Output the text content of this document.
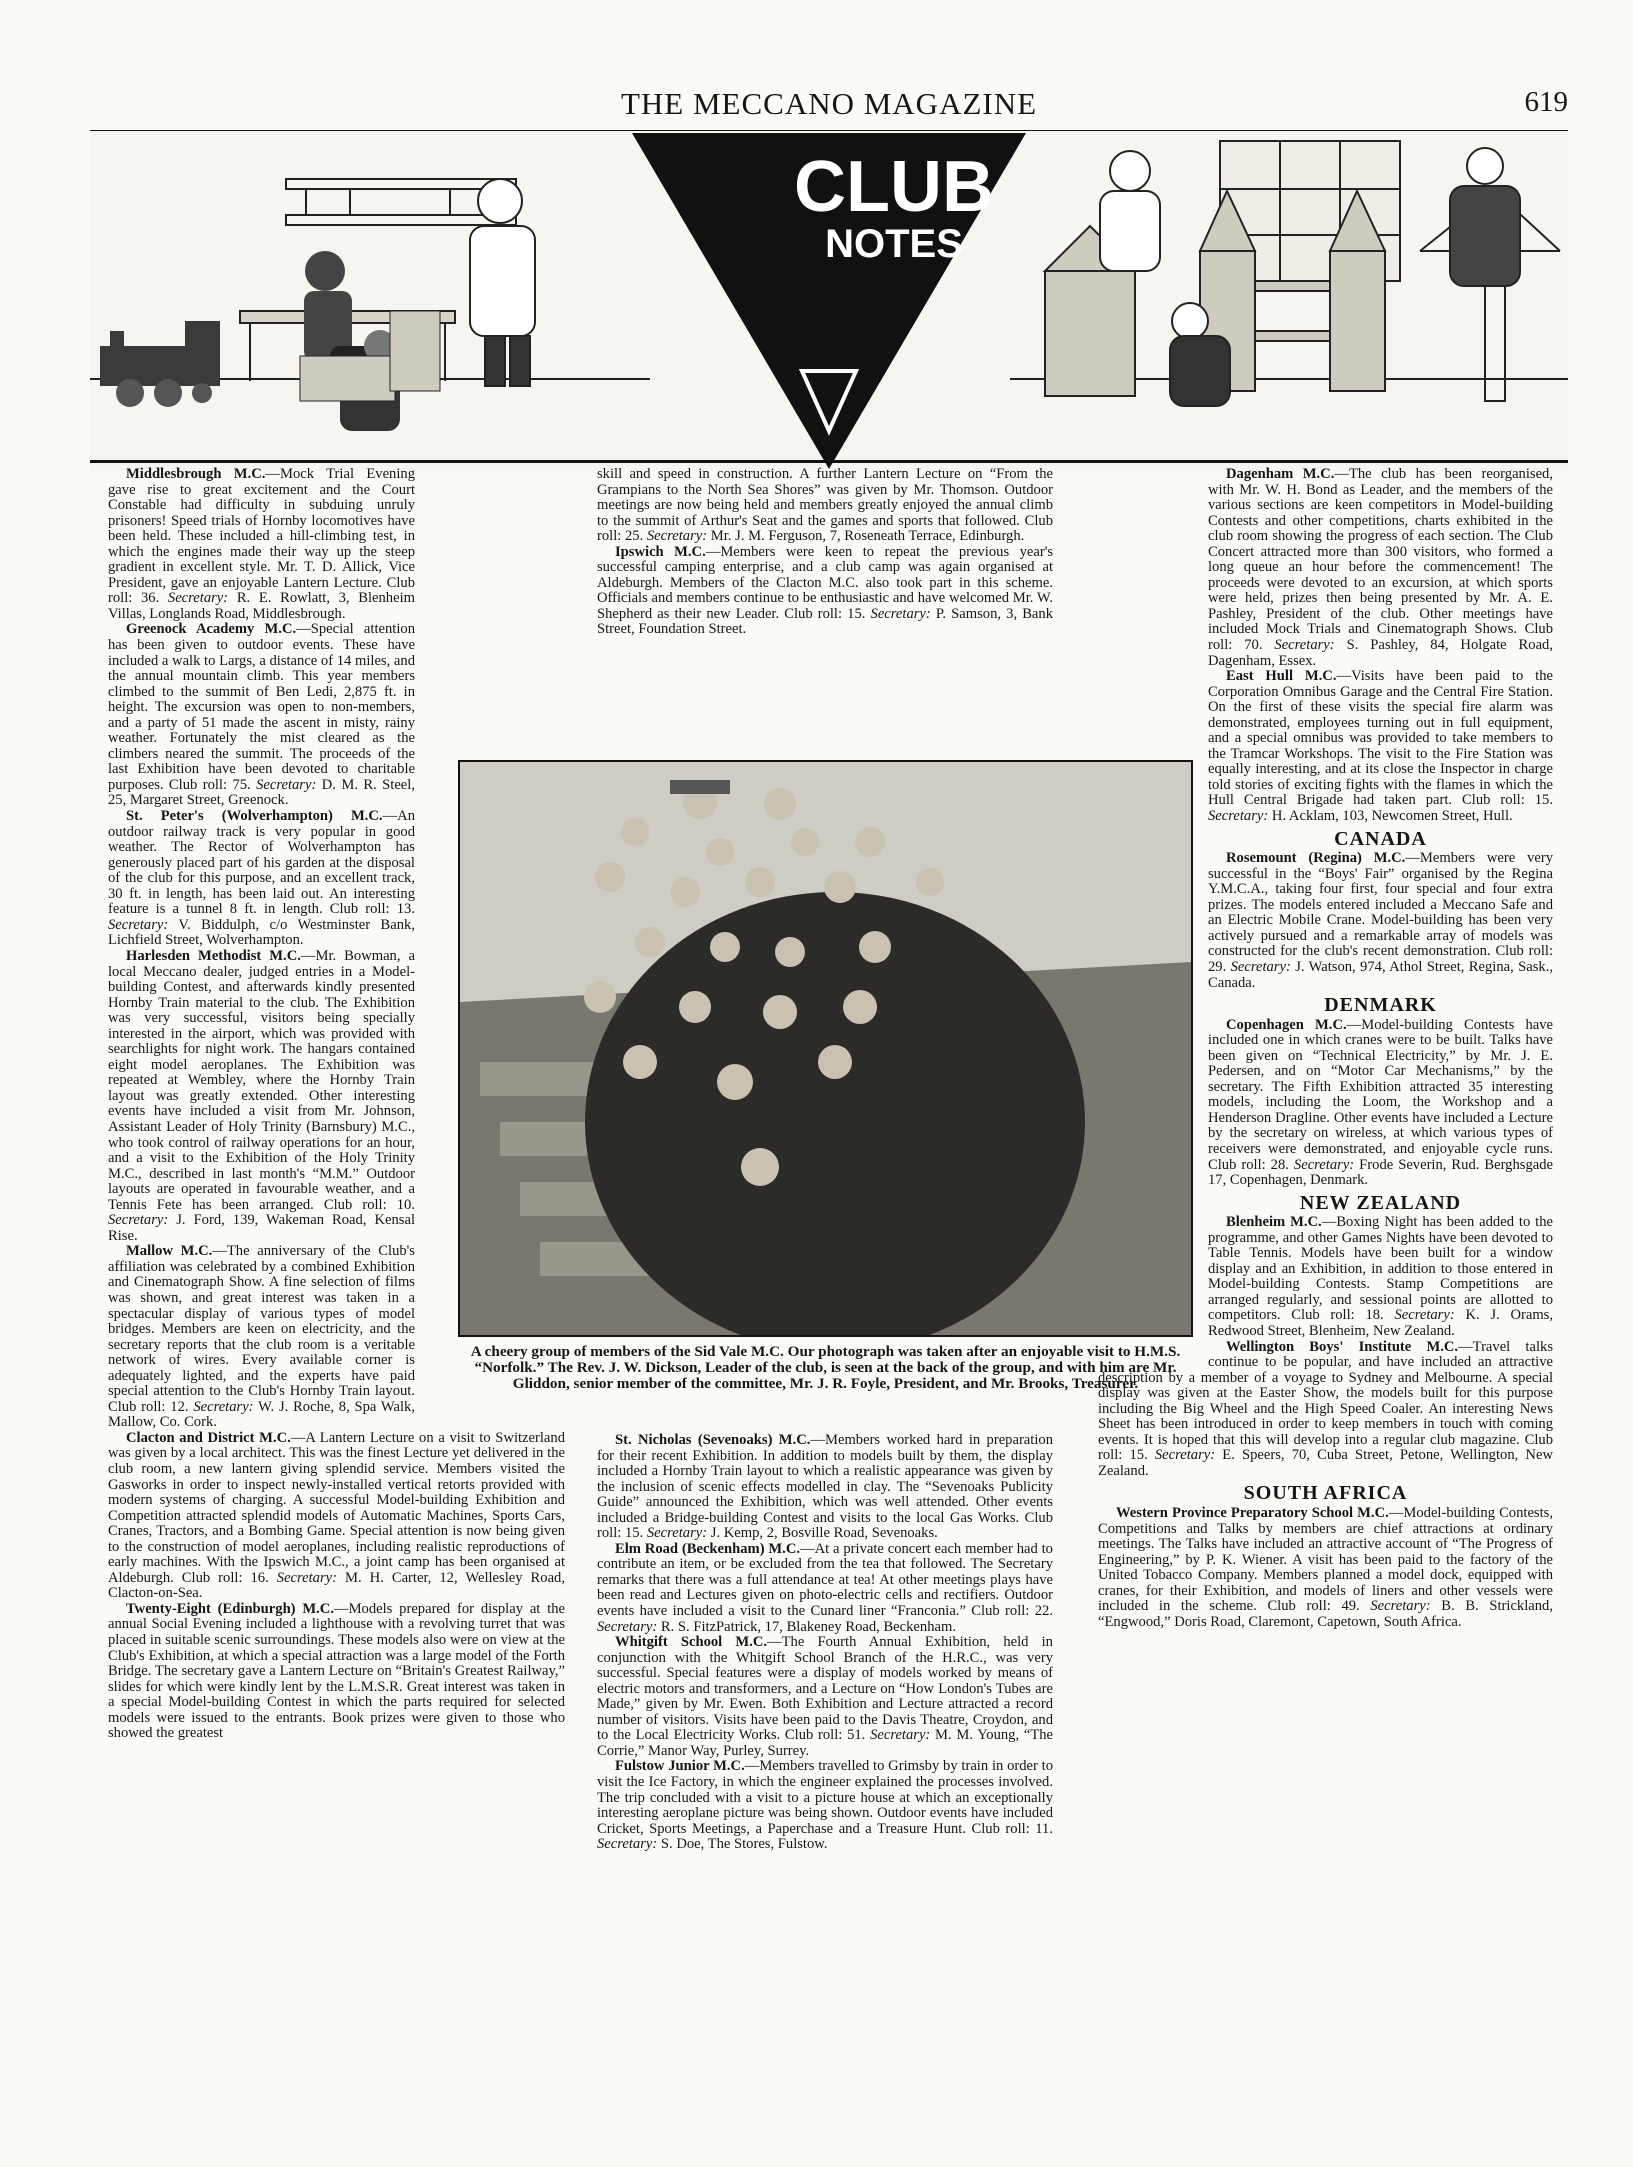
THE MECCANO MAGAZINE	619
CLUB
NOTES

Middlesbrough M.C.—Mock Trial Evening gave rise to great excitement and the Court Constable had difficulty in subduing unruly prisoners! Speed trials of Hornby locomotives have been held. These included a hill-climbing test, in which the engines made their way up the steep gradient in excellent style. Mr. T. D. Allick, Vice President, gave an enjoyable Lantern Lecture. Club roll: 36. Secretary: R. E. Rowlatt, 3, Blenheim Villas, Longlands Road, Middlesbrough.

Greenock Academy M.C.—Special attention has been given to outdoor events. These have included a walk to Largs, a distance of 14 miles, and the annual mountain climb. This year members climbed to the summit of Ben Ledi, 2,875 ft. in height. The excursion was open to non-members, and a party of 51 made the ascent in misty, rainy weather. Fortunately the mist cleared as the climbers neared the summit. The proceeds of the last Exhibition have been devoted to charitable purposes. Club roll: 75. Secretary: D. M. R. Steel, 25, Margaret Street, Greenock.

St. Peter's (Wolverhampton) M.C.—An outdoor railway track is very popular in good weather. The Rector of Wolverhampton has generously placed part of his garden at the disposal of the club for this purpose, and an excellent track, 30 ft. in length, has been laid out. An interesting feature is a tunnel 8 ft. in length. Club roll: 13. Secretary: V. Biddulph, c/o Westminster Bank, Lichfield Street, Wolverhampton.

Harlesden Methodist M.C.—Mr. Bowman, a local Meccano dealer, judged entries in a Model-building Contest, and afterwards kindly presented Hornby Train material to the club. The Exhibition was very successful, visitors being specially interested in the airport, which was provided with searchlights for night work. The hangars contained eight model aeroplanes. The Exhibition was repeated at Wembley, where the Hornby Train layout was greatly extended. Other interesting events have included a visit from Mr. Johnson, Assistant Leader of Holy Trinity (Barnsbury) M.C., who took control of railway operations for an hour, and a visit to the Exhibition of the Holy Trinity M.C., described in last month's “M.M.” Outdoor layouts are operated in favourable weather, and a Tennis Fete has been arranged. Club roll: 10. Secretary: J. Ford, 139, Wakeman Road, Kensal Rise.

Mallow M.C.—The anniversary of the Club's affiliation was celebrated by a combined Exhibition and Cinematograph Show. A fine selection of films was shown, and great interest was taken in a spectacular display of various types of model bridges. Members are keen on electricity, and the secretary reports that the club room is a veritable network of wires. Every available corner is adequately lighted, and the experts have paid special attention to the Club's Hornby Train layout. Club roll: 12. Secretary: W. J. Roche, 8, Spa Walk, Mallow, Co. Cork.

Clacton and District M.C.—A Lantern Lecture on a visit to Switzerland was given by a local architect. This was the finest Lecture yet delivered in the club room, a new lantern giving splendid service. Members visited the Gasworks in order to inspect newly-installed vertical retorts provided with modern systems of charging. A successful Model-building Exhibition and Competition attracted splendid models of Automatic Machines, Sports Cars, Cranes, Tractors, and a Bombing Game. Special attention is now being given to the construction of model aeroplanes, including realistic reproductions of early machines. With the Ipswich M.C., a joint camp has been organised at Aldeburgh. Club roll: 16. Secretary: M. H. Carter, 12, Wellesley Road, Clacton-on-Sea.

Twenty-Eight (Edinburgh) M.C.—Models prepared for display at the annual Social Evening included a lighthouse with a revolving turret that was placed in suitable scenic surroundings. These models also were on view at the Club's Exhibition, at which a special attraction was a large model of the Forth Bridge. The secretary gave a Lantern Lecture on “Britain's Greatest Railway,” slides for which were kindly lent by the L.M.S.R. Great interest was taken in a special Model-building Contest in which the parts required for selected models were issued to the entrants. Book prizes were given to those who showed the greatest

skill and speed in construction. A further Lantern Lecture on “From the Grampians to the North Sea Shores” was given by Mr. Thomson. Outdoor meetings are now being held and members greatly enjoyed the annual climb to the summit of Arthur's Seat and the games and sports that followed. Club roll: 25. Secretary: Mr. J. M. Ferguson, 7, Roseneath Terrace, Edinburgh.

Ipswich M.C.—Members were keen to repeat the previous year's successful camping enterprise, and a club camp was again organised at Aldeburgh. Members of the Clacton M.C. also took part in this scheme. Officials and members continue to be enthusiastic and have welcomed Mr. W. Shepherd as their new Leader. Club roll: 15. Secretary: P. Samson, 3, Bank Street, Foundation Street.

A cheery group of members of the Sid Vale M.C. Our photograph was taken after an enjoyable visit to H.M.S. “Norfolk.” The Rev. J. W. Dickson, Leader of the club, is seen at the back of the group, and with him are Mr. Gliddon, senior member of the committee, Mr. J. R. Foyle, President, and Mr. Brooks, Treasurer.

St. Nicholas (Sevenoaks) M.C.—Members worked hard in preparation for their recent Exhibition. In addition to models built by them, the display included a Hornby Train layout to which a realistic appearance was given by the inclusion of scenic effects modelled in clay. The “Sevenoaks Publicity Guide” announced the Exhibition, which was well attended. Other events included a Bridge-building Contest and visits to the local Gas Works. Club roll: 15. Secretary: J. Kemp, 2, Bosville Road, Sevenoaks.

Elm Road (Beckenham) M.C.—At a private concert each member had to contribute an item, or be excluded from the tea that followed. The Secretary remarks that there was a full attendance at tea! At other meetings plays have been read and Lectures given on photo-electric cells and rectifiers. Outdoor events have included a visit to the Cunard liner “Franconia.” Club roll: 22. Secretary: R. S. FitzPatrick, 17, Blakeney Road, Beckenham.

Whitgift School M.C.—The Fourth Annual Exhibition, held in conjunction with the Whitgift School Branch of the H.R.C., was very successful. Special features were a display of models worked by means of electric motors and transformers, and a Lecture on “How London's Tubes are Made,” given by Mr. Ewen. Both Exhibition and Lecture attracted a record number of visitors. Visits have been paid to the Davis Theatre, Croydon, and to the Local Electricity Works. Club roll: 51. Secretary: M. M. Young, “The Corrie,” Manor Way, Purley, Surrey.

Fulstow Junior M.C.—Members travelled to Grimsby by train in order to visit the Ice Factory, in which the engineer explained the processes involved. The trip concluded with a visit to a picture house at which an exceptionally interesting aeroplane picture was being shown. Outdoor events have included Cricket, Sports Meetings, a Paperchase and a Treasure Hunt. Club roll: 11. Secretary: S. Doe, The Stores, Fulstow.

Dagenham M.C.—The club has been reorganised, with Mr. W. H. Bond as Leader, and the members of the various sections are keen competitors in Model-building Contests and other competitions, charts exhibited in the club room showing the progress of each section. The Club Concert attracted more than 300 visitors, who formed a long queue an hour before the commencement! The proceeds were devoted to an excursion, at which sports were held, prizes then being presented by Mr. A. E. Pashley, President of the club. Other meetings have included Mock Trials and Cinematograph Shows. Club roll: 70. Secretary: S. Pashley, 84, Holgate Road, Dagenham, Essex.

East Hull M.C.—Visits have been paid to the Corporation Omnibus Garage and the Central Fire Station. On the first of these visits the special fire alarm was demonstrated, employees turning out in full equipment, and a special omnibus was provided to take members to the Tramcar Workshops. The visit to the Fire Station was equally interesting, and at its close the Inspector in charge told stories of exciting fights with the flames in which the Hull Central Brigade had taken part. Club roll: 15. Secretary: H. Acklam, 103, Newcomen Street, Hull.

CANADA

Rosemount (Regina) M.C.—Members were very successful in the “Boys' Fair” organised by the Regina Y.M.C.A., taking four first, four special and four extra prizes. The models entered included a Meccano Safe and an Electric Mobile Crane. Model-building has been very actively pursued and a remarkable array of models was constructed for the club's recent demonstration. Club roll: 29. Secretary: J. Watson, 974, Athol Street, Regina, Sask., Canada.

DENMARK

Copenhagen M.C.—Model-building Contests have included one in which cranes were to be built. Talks have been given on “Technical Electricity,” by Mr. J. E. Pedersen, and on “Motor Car Mechanisms,” by the secretary. The Fifth Exhibition attracted 35 interesting models, including the Loom, the Workshop and a Henderson Dragline. Other events have included a Lecture by the secretary on wireless, at which various types of receivers were demonstrated, and enjoyable cycle runs. Club roll: 28. Secretary: Frode Severin, Rud. Berghsgade 17, Copenhagen, Denmark.

NEW ZEALAND

Blenheim M.C.—Boxing Night has been added to the programme, and other Games Nights have been devoted to Table Tennis. Models have been built for a window display and an Exhibition, in addition to those entered in Model-building Contests. Stamp Competitions are arranged regularly, and sessional points are allotted to competitors. Club roll: 18. Secretary: K. J. Orams, Redwood Street, Blenheim, New Zealand.

Wellington Boys' Institute M.C.—Travel talks continue to be popular, and have included an attractive description by a member of a voyage to Sydney and Melbourne. A special display was given at the Easter Show, the models built for this purpose including the Big Wheel and the High Speed Coaler. An interesting News Sheet has been introduced in order to keep members in touch with coming events. It is hoped that this will develop into a regular club magazine. Club roll: 15. Secretary: E. Speers, 70, Cuba Street, Petone, Wellington, New Zealand.

SOUTH AFRICA

Western Province Preparatory School M.C.—Model-building Contests, Competitions and Talks by members are chief attractions at ordinary meetings. The Talks have included an attractive account of “The Progress of Engineering,” by P. K. Wiener. A visit has been paid to the factory of the United Tobacco Company. Members planned a model dock, equipped with cranes, for their Exhibition, and models of liners and other vessels were included in the scheme. Club roll: 49. Secretary: B. B. Strickland, “Engwood,” Doris Road, Claremont, Capetown, South Africa.
